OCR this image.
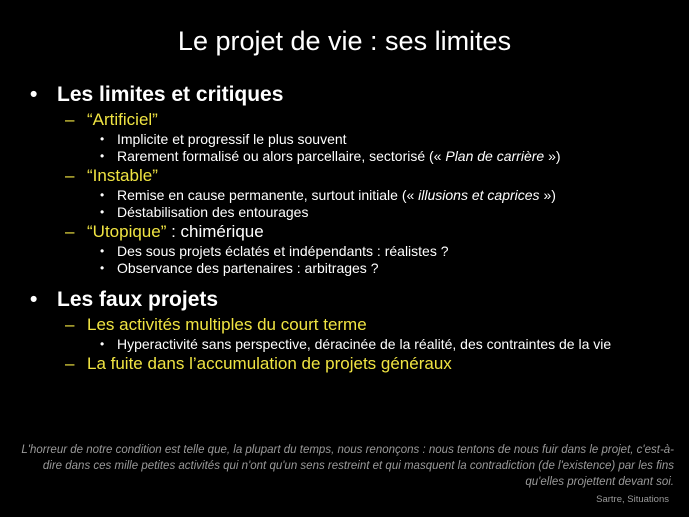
Le projet de vie : ses limites
• Les limites et critiques
– “Artificiel”
• Implicite et progressif le plus souvent
• Rarement formalisé ou alors parcellaire, sectorisé (« Plan de carrière »)
– “Instable”
• Remise en cause permanente, surtout initiale (« illusions et caprices »)
• Déstabilisation des entourages
– “Utopique” : chimérique
• Des sous projets éclatés et indépendants : réalistes ?
• Observance des partenaires : arbitrages ?
• Les faux projets
– Les activités multiples du court terme
• Hyperactivité sans perspective, déracinée de la réalité, des contraintes de la vie
– La fuite dans l’accumulation de projets généraux
L'horreur de notre condition est telle que, la plupart du temps, nous renonçons : nous tentons de nous fuir dans le projet, c'est-à-dire dans ces mille petites activités qui n'ont qu'un sens restreint et qui masquent la contradiction (de l'existence) par les fins qu'elles projettent devant soi.
Sartre, Situations
